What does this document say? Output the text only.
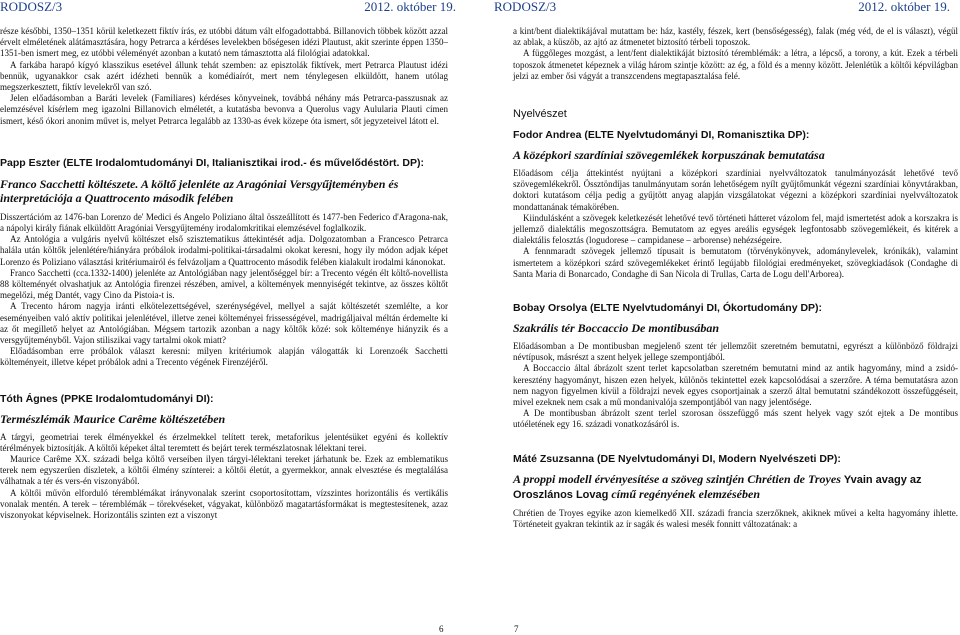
RODOSZ/3	2012. október 19.

része későbbi, 1350–1351 körül keletkezett fiktív írás, ez utóbbi dátum vált elfogadottabbá. Billanovich többek között azzal érvelt elméletének alátámasztására, hogy Petrarca a kérdéses levelekben bőségesen idézi Plautust, akit szerinte éppen 1350–1351-ben ismert meg, ez utóbbi véleményét azonban a kutató nem támasztotta alá filológiai adatokkal.

A farkába harapó kígyó klasszikus esetével állunk tehát szemben: az episztolák fiktívek, mert Petrarca Plautust idézi bennük, ugyanakkor csak azért idézheti bennük a komédiaírót, mert nem ténylegesen elküldött, hanem utólag megszerkesztett, fiktív levelekről van szó.

Jelen előadásomban a Baráti levelek (Familiares) kérdéses könyveinek, továbbá néhány más Petrarca-passzusnak az elemzésével kísérlem meg igazolni Billanovich elméletét, a kutatásba bevonva a Querolus vagy Aulularia Plauti címen ismert, késő ókori anonim művet is, melyet Petrarca legalább az 1330-as évek közepe óta ismert, sőt jegyzeteivel látott el.

Papp Eszter (ELTE Irodalomtudományi DI, Italianisztikai irod.- és művelődéstört. DP):
Franco Sacchetti költészete. A költő jelenléte az Aragóniai Versgyűjteményben és interpretációja a Quattrocento második felében

Disszertációm az 1476-ban Lorenzo de' Medici és Angelo Poliziano által összeállított és 1477-ben Federico d'Aragona-nak, a nápolyi király fiának elküldött Aragóniai Versgyűjtemény irodalomkritikai elemzésével foglalkozik.

Az Antológia a vulgáris nyelvű költészet első szisztematikus áttekintését adja. Dolgozatomban a Francesco Petrarca halála után költők jelenlétére/hiányára próbálok irodalmi-politikai-társadalmi okokat keresni, hogy ily módon adjak képet Lorenzo és Poliziano választási kritériumairól és felvázoljam a Quattrocento második felében kialakult irodalmi kánonokat.

Franco Sacchetti (cca.1332-1400) jelenléte az Antológiában nagy jelentőséggel bír: a Trecento végén élt költő-novellista 88 költeményét olvashatjuk az Antológia firenzei részében, amivel, a költemények mennyiségét tekintve, az összes költőt megelőzi, még Dantét, vagy Cino da Pistoia-t is.

A Trecento három nagyja iránti elkötelezettségével, szerénységével, mellyel a saját költészetét szemlélte, a kor eseményeiben való aktív politikai jelenlétével, illetve zenei költeményei frissességével, madrigáljaival méltán érdemelte ki az őt megillető helyet az Antológiában. Mégsem tartozik azonban a nagy költők közé: sok költeménye hiányzik és a versgyűjteményből. Vajon stiliszikai vagy tartalmi okok miatt?

Előadásomban erre próbálok választ keresni: milyen kritériumok alapján válogatták ki Lorenzoék Sacchetti költeményeit, illetve képet próbálok adni a Trecento végének Firenzéjéről.

Tóth Ágnes (PPKE Irodalomtudományi DI):
Természlémák Maurice Carême költészetében

A tárgyi, geometriai terek élményekkel és érzelmekkel telített terek, metaforikus jelentésüket egyéni és kollektív térélmények biztosítják. A költői képeket által teremtett és bejárt terek természlatosnak lélektani terei.

Maurice Carême XX. századi belga költő verseiben ilyen tárgyi-lélektani tereket járhatunk be. Ezek az emblematikus terek nem egyszerűen díszletek, a költői élmény színterei: a költői életút, a gyermekkor, annak elvesztése és megtalálása válhatnak a tér és vers-én viszonyából.

A költői művön elforduló téremblémákat irányvonalak szerint csoportosítottam, vízszintes horizontális és vertikális vonalak mentén. A terek – téremblémák – törekvéseket, vágyakat, különböző magatartásformákat is megtestesítenek, azaz viszonyokat képviselnek. Horizontális szinten ezt a viszonyt

6
RODOSZ/3	2012. október 19.

a kint/bent dialektikájával mutattam be: ház, kastély, fészek, kert (bensőségesség), falak (még véd, de el is választ), végül az ablak, a küszöb, az ajtó az átmenetet biztosító térbeli toposzok.

A függőleges mozgást, a lent/fent dialektikáját biztosító téremblémák: a létra, a lépcső, a torony, a kút. Ezek a térbeli toposzok átmenetet képeznek a világ három szintje között: az ég, a föld és a menny között. Jelenlétük a költői képvilágban jelzi az ember ősi vágyát a transzcendens megtapasztalása felé.

Nyelvészet
Fodor Andrea (ELTE Nyelvtudományi DI, Romanisztika DP):
A középkori szardíniai szövegemlékek korpuszának bemutatása

Előadásom célja áttekintést nyújtani a középkori szardíniai nyelvváltozatok tanulmányozását lehetővé tevő szövegemlékekről. Össztöndíjas tanulmányutam során lehetőségem nyílt gyűjtőmunkát végezni szardíniai könyvtárakban, doktori kutatásom célja pedig a gyűjtött anyag alapján vizsgálatokat végezni a középkori szardíniai nyelvváltozatok mondattanának témakörében.

Kiindulásként a szövegek keletkezését lehetővé tevő történeti hátteret vázolom fel, majd ismertetést adok a korszakra is jellemző dialektális megoszottságra. Bemutatom az egyes areális egységek legfontosabb szövegemlékeit, és kitérek a dialektális felosztás (logudorese – campidanese – arborense) nehézségeire.

A fennmaradt szövegek jellemző típusait is bemutatom (törvénykönyvek, adománylevelek, krónikák), valamint ismertetem a középkori szárd szövegemlékeket érintő legújabb filológiai eredményeket, szövegkiadások (Condaghe di Santa Maria di Bonarcado, Condaghe di San Nicola di Trullas, Carta de Logu dell'Arborea).

Bobay Orsolya (ELTE Nyelvtudományi DI, Ókortudomány DP):
Szakrális tér Boccaccio De montibusában

Előadásomban a De montibusban megjelenő szent tér jellemzőit szeretném bemutatni, egyrészt a különböző földrajzi névtípusok, másrészt a szent helyek jellege szempontjából.

A Boccaccio által ábrázolt szent terlet kapcsolatban szeretném bemutatni mind az antik hagyomány, mind a zsidó-keresztény hagyományt, hiszen ezen helyek, különös tekintettel ezek kapcsolódásai a szerzőre. A téma bemutatásra azon nem nagyon figyelmen kívül a földrajzi nevek egyes csoportjainak a szerző által bemutatni szándékozott összefüggéseit, mivel ezeknek nem csak a mű mondanivalója szempontjából van nagy jelentősége.

A De montibusban ábrázolt szent terlel szorosan összefüggő más szent helyek vagy szót ejtek a De montibus utóéletének egy 16. századi vonatkozásáról is.

Máté Zsuzsanna (DE Nyelvtudományi DI, Modern Nyelvészeti DP):
A proppi modell érvényesítése a szöveg szintjén Chrétien de Troyes Yvain avagy az Oroszlános Lovag című regényének elemzésében

Chrétien de Troyes egyike azon kiemelkedő XII. századi francia szerzőknek, akiknek művei a kelta hagyomány ihlette. Történeteit gyakran tekintik az ír sagák és walesi mesék fonnitt változatának: a

7
